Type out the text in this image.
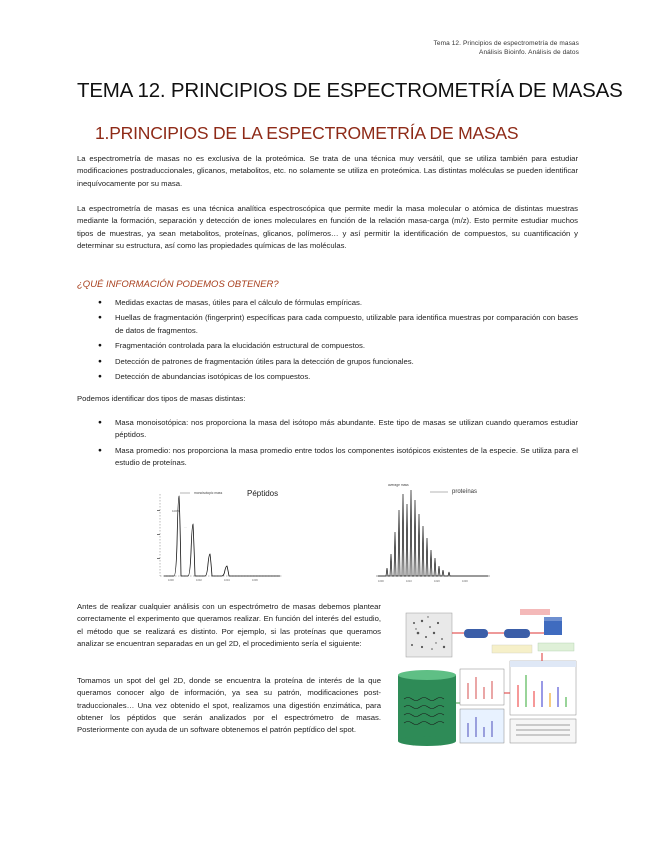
Tema 12. Principios de espectrometría de masas
Análisis Bioinfo. Análisis de datos
TEMA 12. PRINCIPIOS DE ESPECTROMETRÍA DE MASAS
1.PRINCIPIOS DE LA ESPECTROMETRÍA DE MASAS

La espectrometría de masas no es exclusiva de la proteómica. Se trata de una técnica muy versátil, que se utiliza también para estudiar modificaciones postraduccionales, glicanos, metabolitos, etc. no solamente se utiliza en proteómica. Las distintas moléculas se pueden identificar inequívocamente por su masa.

La espectrometría de masas es una técnica analítica espectroscópica que permite medir la masa molecular o atómica de distintas muestras mediante la formación, separación y detección de iones moleculares en función de la relación masa-carga (m/z). Esto permite estudiar muchos tipos de muestras, ya sean metabolitos, proteínas, glicanos, polímeros… y así permitir la identificación de compuestos, su cuantificación y determinar su estructura, así como las propiedades químicas de las moléculas.

¿QUÉ INFORMACIÓN PODEMOS OBTENER?
● Medidas exactas de masas, útiles para el cálculo de fórmulas empíricas.
● Huellas de fragmentación (fingerprint) específicas para cada compuesto, utilizable para identifica muestras por comparación con bases de datos de fragmentos.
● Fragmentación controlada para la elucidación estructural de compuestos.
● Detección de patrones de fragmentación útiles para la detección de grupos funcionales.
● Detección de abundancias isotópicas de los compuestos.

Podemos identificar dos tipos de masas distintas:

● Masa monoisotópica: nos proporciona la masa del isótopo más abundante. Este tipo de masas se utilizan cuando queramos estudiar péptidos.
● Masa promedio: nos proporciona la masa promedio entre todos los componentes isotópicos existentes de la especie. Se utiliza para el estudio de proteínas.
monoisotopic mass	Péptidos
100%
…
1000	1002	1004	1006
average mass
proteínas
1000	1010	1020	1030

Antes de realizar cualquier análisis con un espectrómetro de masas debemos plantear correctamente el experimento que queramos realizar. En función del interés del estudio, el método que se realizará es distinto. Por ejemplo, si las proteínas que queramos analizar se encuentran separadas en un gel 2D, el procedimiento sería el siguiente:

Tomamos un spot del gel 2D, donde se encuentra la proteína de interés de la que queramos conocer algo de información, ya sea su patrón, modificaciones post-traduccionales… Una vez obtenido el spot, realizamos una digestión enzimática, para obtener los péptidos que serán analizados por el espectrómetro de masas. Posteriormente con ayuda de un software obtenemos el patrón peptídico del spot.
